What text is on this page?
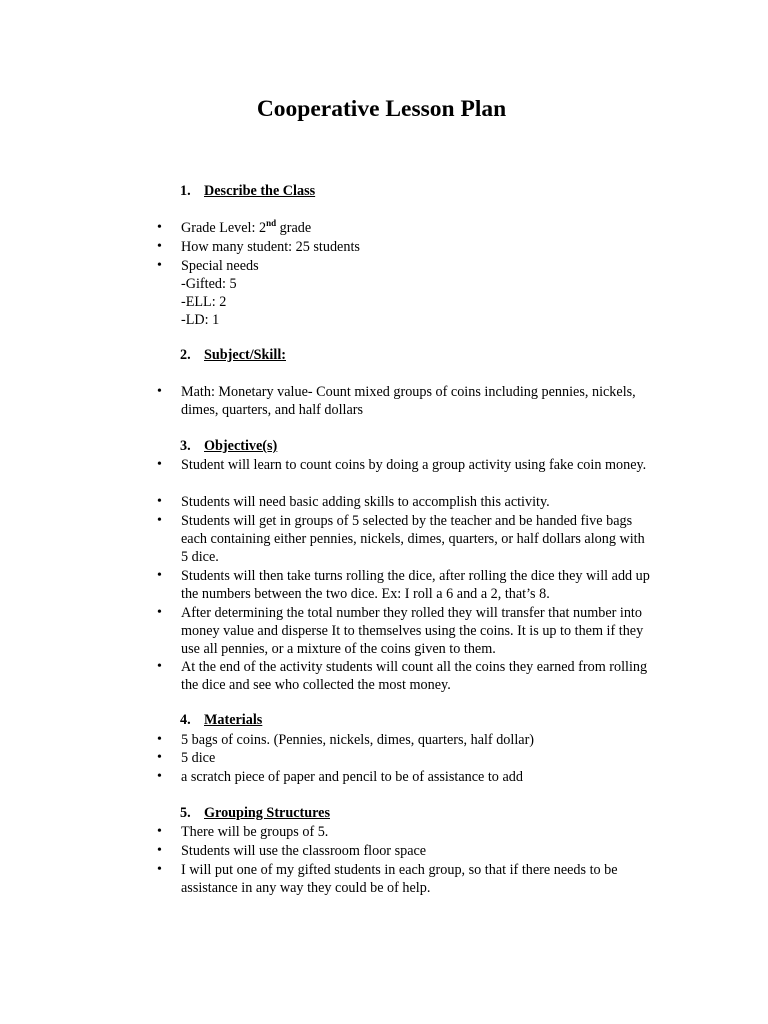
Cooperative Lesson Plan
1. Describe the Class
• Grade Level: 2nd grade
• How many student: 25 students
• Special needs
-Gifted: 5
-ELL: 2
-LD: 1
2. Subject/Skill:
• Math: Monetary value- Count mixed groups of coins including pennies, nickels, dimes, quarters, and half dollars
3. Objective(s)
• Student will learn to count coins by doing a group activity using fake coin money.
• Students will need basic adding skills to accomplish this activity.
• Students will get in groups of 5 selected by the teacher and be handed five bags each containing either pennies, nickels, dimes, quarters, or half dollars along with 5 dice.
• Students will then take turns rolling the dice, after rolling the dice they will add up the numbers between the two dice. Ex: I roll a 6 and a 2, that’s 8.
• After determining the total number they rolled they will transfer that number into money value and disperse It to themselves using the coins. It is up to them if they use all pennies, or a mixture of the coins given to them.
• At the end of the activity students will count all the coins they earned from rolling the dice and see who collected the most money.
4. Materials
• 5 bags of coins. (Pennies, nickels, dimes, quarters, half dollar)
• 5 dice
• a scratch piece of paper and pencil to be of assistance to add
5. Grouping Structures
• There will be groups of 5.
• Students will use the classroom floor space
• I will put one of my gifted students in each group, so that if there needs to be assistance in any way they could be of help.
